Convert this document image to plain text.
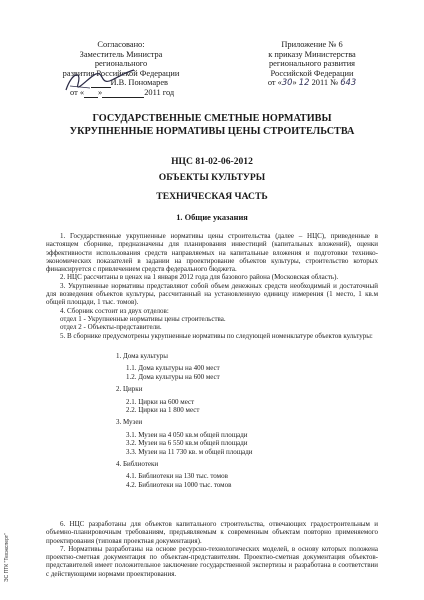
Согласовано:
Заместитель Министра регионального
развития Российской Федерации
И.В. Пономарев
от « »	2011 год
Приложение № 6
к приказу Министерства
регионального развития
Российской Федерации
от «30» 12 2011 № 643
ГОСУДАРСТВЕННЫЕ СМЕТНЫЕ НОРМАТИВЫ
УКРУПНЕННЫЕ НОРМАТИВЫ ЦЕНЫ СТРОИТЕЛЬСТВА
НЦС 81-02-06-2012
ОБЪЕКТЫ КУЛЬТУРЫ
ТЕХНИЧЕСКАЯ ЧАСТЬ
1. Общие указания

1. Государственные укрупненные нормативы цены строительства (далее – НЦС), приведенные в настоящем сборнике, предназначены для планирования инвестиций (капитальных вложений), оценки эффективности использования средств направляемых на капитальные вложения и подготовки технико-экономических показателей в задании на проектирование объектов культуры, строительство которых финансируется с привлечением средств федерального бюджета.

2. НЦС рассчитаны в ценах на 1 января 2012 года для базового района (Московская область).

3. Укрупненные нормативы представляют собой объем денежных средств необходимый и достаточный для возведения объектов культуры, рассчитанный на установленную единицу измерения (1 место, 1 кв.м общей площади, 1 тыс. томов).

4. Сборник состоит из двух отделов:

отдел 1 - Укрупненные нормативы цены строительства.

отдел 2 - Объекты-представители.

5. В сборнике предусмотрены укрупненные нормативы по следующей номенклатуре объектов культуры:

1. Дома культуры

1.1. Дома культуры на 400 мест

1.2. Дома культуры на 600 мест

2. Цирки

2.1. Цирки на 600 мест

2.2. Цирки на 1 800 мест

3. Музеи

3.1. Музеи на 4 050 кв.м общей площади

3.2. Музеи на 6 550 кв.м общей площади

3.3. Музеи на 11 730 кв. м общей площади

4. Библиотеки

4.1. Библиотеки на 130 тыс. томов

4.2. Библиотеки на 1000 тыс. томов

6. НЦС разработаны для объектов капитального строительства, отвечающих градостроительным и объемно-планировочным требованиям, предъявляемым к современным объектам повторно применяемого проектирования (типовая проектная документация).

7. Нормативы разработаны на основе ресурсно-технологических моделей, в основу которых положена проектно-сметная документация по объектам-представителям. Проектно-сметная документация объектов-представителей имеет положительное заключение государственной экспертизы и разработана в соответствии с действующими нормами проектирования.

ЭС ПТК "Техэксперт"
